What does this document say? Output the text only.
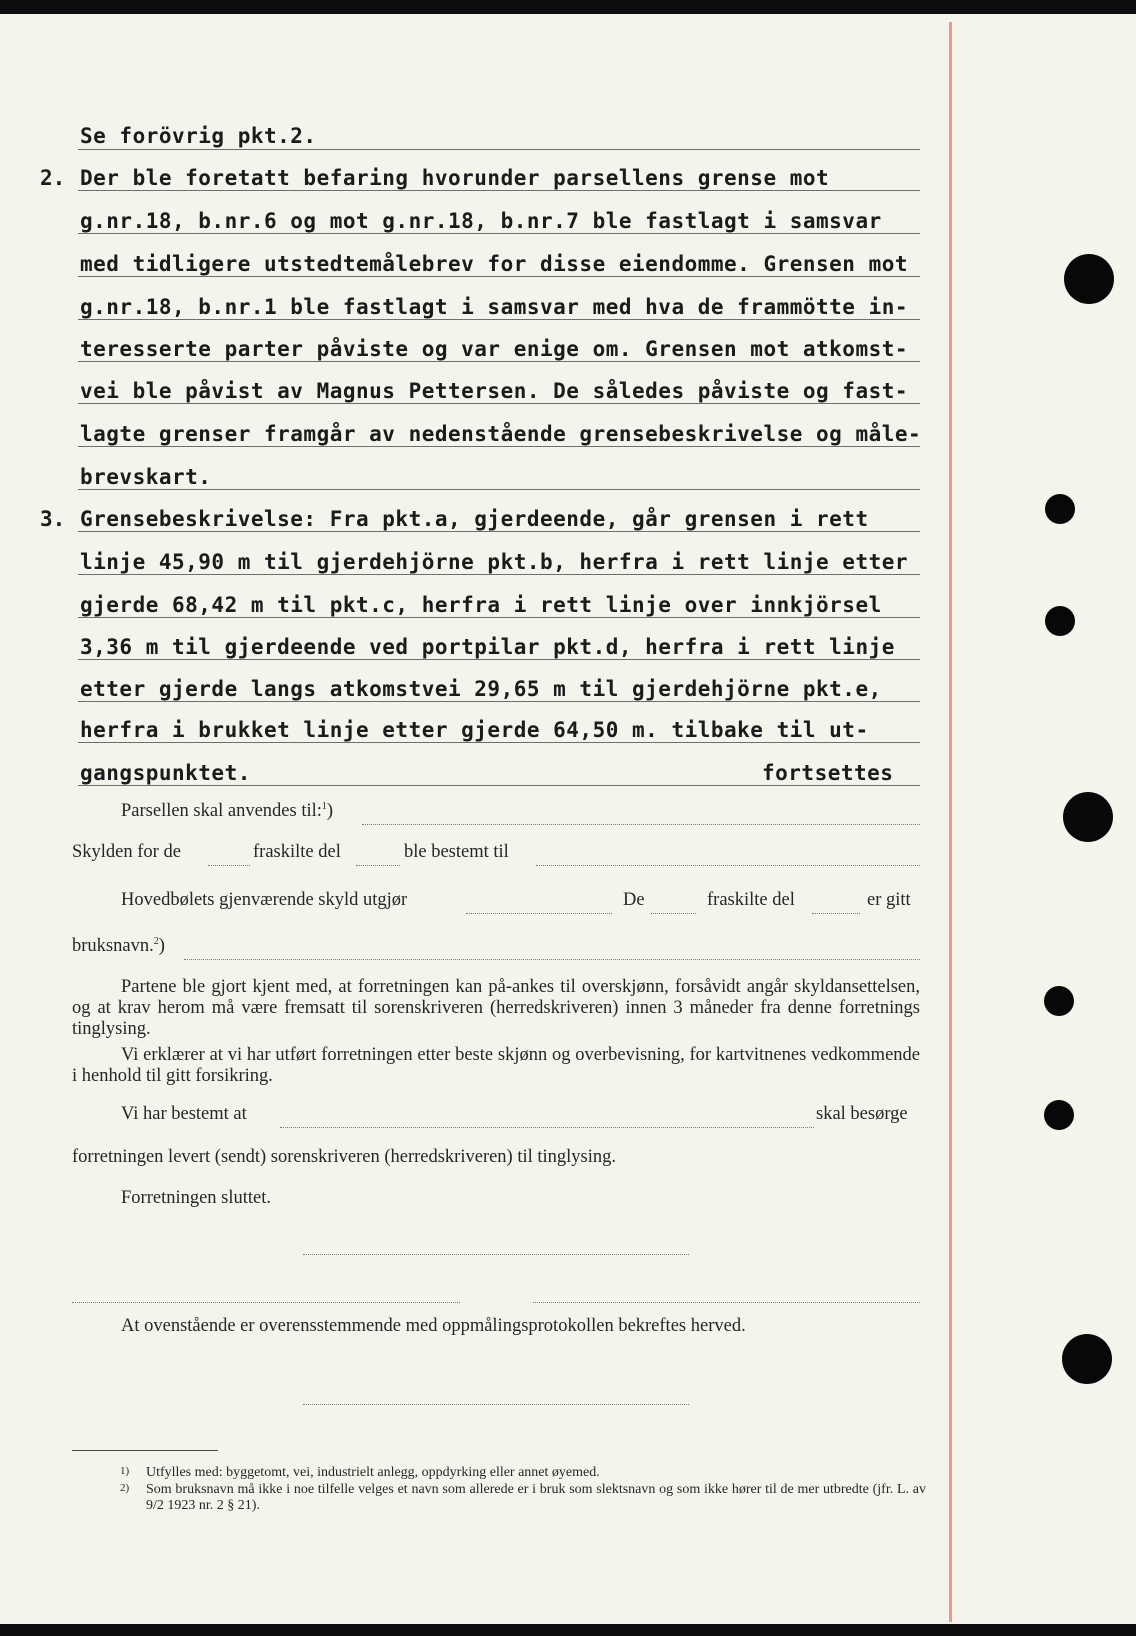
Se forövrig pkt.2.
2. Der ble foretatt befaring hvorunder parsellens grense mot
g.nr.18, b.nr.6 og mot g.nr.18, b.nr.7 ble fastlagt i samsvar
med tidligere utstedtemålebrev for disse eiendomme. Grensen mot
g.nr.18, b.nr.1 ble fastlagt i samsvar med hva de frammötte in-
teresserte parter påviste og var enige om. Grensen mot atkomst-
vei ble påvist av Magnus Pettersen. De således påviste og fast-
lagte grenser framgår av nedenstående grensebeskrivelse og måle-
brevskart.
3. Grensebeskrivelse: Fra pkt.a, gjerdeende, går grensen i rett
linje 45,90 m til gjerdehjörne pkt.b, herfra i rett linje etter
gjerde 68,42 m til pkt.c, herfra i rett linje over innkjörsel
3,36 m til gjerdeende ved portpilar pkt.d, herfra i rett linje
etter gjerde langs atkomstvei 29,65 m til gjerdehjörne pkt.e,
herfra i brukket linje etter gjerde 64,50 m. tilbake til ut-
gangspunktet.	fortsettes
Parsellen skal anvendes til:$^1$)
Skylden for de	fraskilte del	ble bestemt til
Hovedbølets gjenværende skyld utgjør	De	fraskilte del	er gitt
bruksnavn.$^2$)
Partene ble gjort kjent med, at forretningen kan på-ankes til overskjønn, forsåvidt angår skyldansettelsen, og at krav herom må være fremsatt til sorenskriveren (herredskriveren) innen 3 måneder fra denne forretnings tinglysing.
Vi erklærer at vi har utført forretningen etter beste skjønn og overbevisning, for kartvitnenes vedkommende i henhold til gitt forsikring.
Vi har bestemt at	skal besørge
forretningen levert (sendt) sorenskriveren (herredskriveren) til tinglysing.
Forretningen sluttet.
At ovenstående er overensstemmende med oppmålingsprotokollen bekreftes herved.
1) Utfylles med: byggetomt, vei, industrielt anlegg, oppdyrking eller annet øyemed.
2) Som bruksnavn må ikke i noe tilfelle velges et navn som allerede er i bruk som slektsnavn og som ikke hører til de mer utbredte (jfr. L. av 9/2 1923 nr. 2 § 21).
